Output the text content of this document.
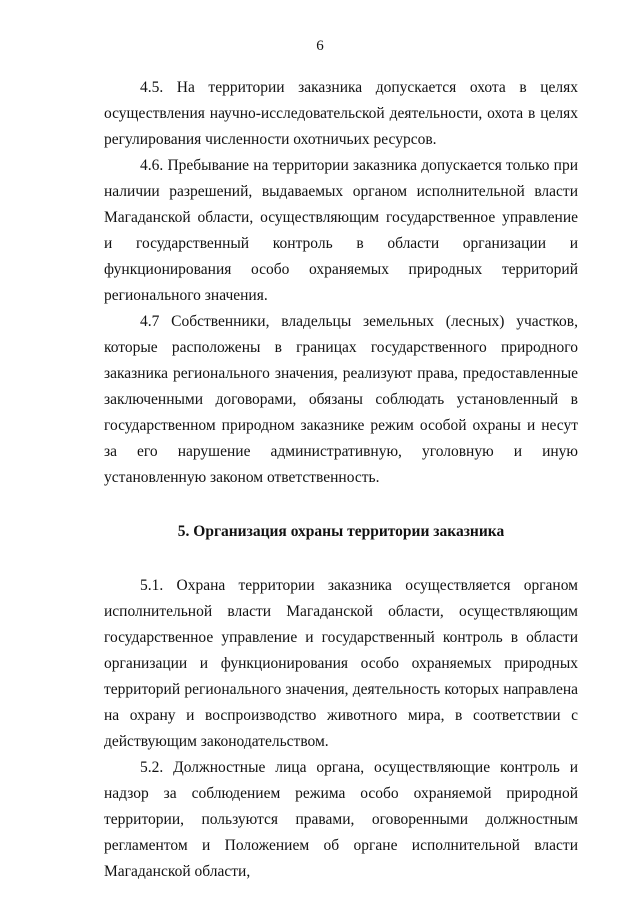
6

4.5. На территории заказника допускается охота в целях осуществления научно-исследовательской деятельности, охота в целях регулирования численности охотничьих ресурсов.

4.6. Пребывание на территории заказника допускается только при наличии разрешений, выдаваемых органом исполнительной власти Магаданской области, осуществляющим государственное управление и государственный контроль в области организации и функционирования особо охраняемых природных территорий регионального значения.

4.7 Собственники, владельцы земельных (лесных) участков, которые расположены в границах государственного природного заказника регионального значения, реализуют права, предоставленные заключенными договорами, обязаны соблюдать установленный в государственном природном заказнике режим особой охраны и несут за его нарушение административную, уголовную и иную установленную законом ответственность.

5. Организация охраны территории заказника

5.1. Охрана территории заказника осуществляется органом исполнительной власти Магаданской области, осуществляющим государственное управление и государственный контроль в области организации и функционирования особо охраняемых природных территорий регионального значения, деятельность которых направлена на охрану и воспроизводство животного мира, в соответствии с действующим законодательством.

5.2. Должностные лица органа, осуществляющие контроль и надзор за соблюдением режима особо охраняемой природной территории, пользуются правами, оговоренными должностным регламентом и Положением об органе исполнительной власти Магаданской области,
